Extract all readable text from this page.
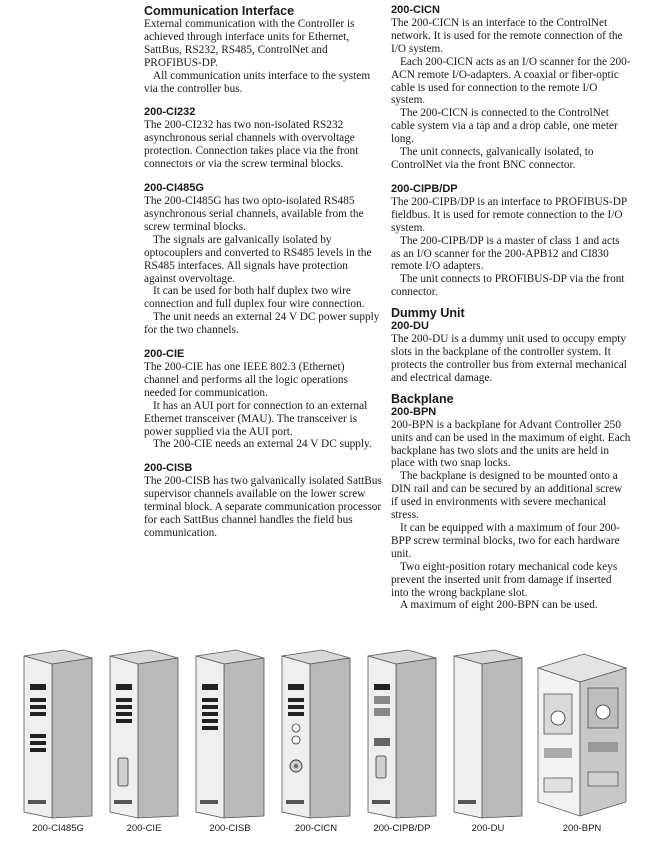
Communication Interface

External communication with the Controller is achieved through interface units for Ethernet, SattBus, RS232, RS485, ControlNet and PROFIBUS-DP.

All communication units interface to the system via the controller bus.

200-CI232

The 200-CI232 has two non-isolated RS232 asynchronous serial channels with overvoltage protection. Connection takes place via the front connectors or via the screw terminal blocks.

200-CI485G

The 200-CI485G has two opto-isolated RS485 asynchronous serial channels, available from the screw terminal blocks.

The signals are galvanically isolated by optocouplers and converted to RS485 levels in the RS485 interfaces. All signals have protection against overvoltage.

It can be used for both half duplex two wire connection and full duplex four wire connection.

The unit needs an external 24 V DC power supply for the two channels.

200-CIE

The 200-CIE has one IEEE 802.3 (Ethernet) channel and performs all the logic operations needed for communication.

It has an AUI port for connection to an external Ethernet transceiver (MAU). The transceiver is power supplied via the AUI port.

The 200-CIE needs an external 24 V DC supply.

200-CISB

The 200-CISB has two galvanically isolated SattBus supervisor channels available on the lower screw terminal block. A separate communication processor for each SattBus channel handles the field bus communication.

200-CICN

The 200-CICN is an interface to the ControlNet network. It is used for the remote connection of the I/O system.

Each 200-CICN acts as an I/O scanner for the 200-ACN remote I/O-adapters. A coaxial or fiber-optic cable is used for connection to the remote I/O system.

The 200-CICN is connected to the ControlNet cable system via a tap and a drop cable, one meter long.

The unit connects, galvanically isolated, to ControlNet via the front BNC connector.

200-CIPB/DP

The 200-CIPB/DP is an interface to PROFIBUS-DP fieldbus. It is used for remote connection to the I/O system.

The 200-CIPB/DP is a master of class 1 and acts as an I/O scanner for the 200-APB12 and CI830 remote I/O adapters.

The unit connects to PROFIBUS-DP via the front connector.

Dummy Unit
200-DU

The 200-DU is a dummy unit used to occupy empty slots in the backplane of the controller system. It protects the controller bus from external mechanical and electrical damage.

Backplane
200-BPN

200-BPN is a backplane for Advant Controller 250 units and can be used in the maximum of eight. Each backplane has two slots and the units are held in place with two snap locks.

The backplane is designed to be mounted onto a DIN rail and can be secured by an additional screw if used in environments with severe mechanical stress.

It can be equipped with a maximum of four 200-BPP screw terminal blocks, two for each hardware unit.

Two eight-position rotary mechanical code keys prevent the inserted unit from damage if inserted into the wrong backplane slot.

A maximum of eight 200-BPN can be used.

200-CI485G	200-CIE	200-CISB	200-CICN	200-CIPB/DP	200-DU	200-BPN
